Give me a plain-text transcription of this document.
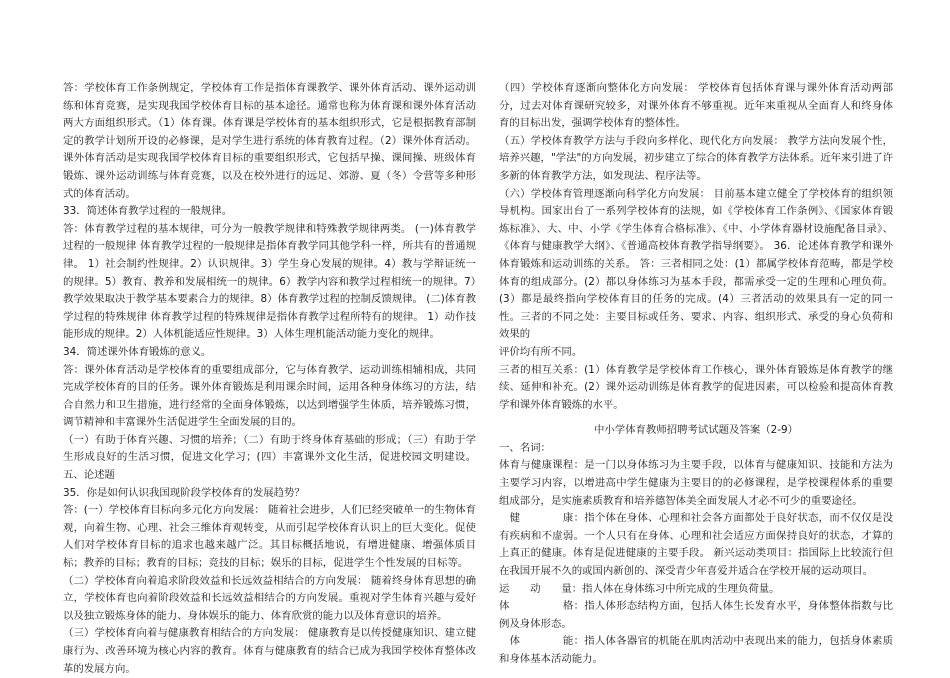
答：学校体育工作条例规定，学校体育工作是指体育课教学、课外体育活动、课外运动训练和体育竞赛，是实现我国学校体育目标的基本途径。通常也称为体育课和课外体育活动两大方面组织形式。（1）体育课。体育课是学校体育的基本组织形式，它是根据教育部制定的教学计划所开设的必修课，是对学生进行系统的体育教育过程。（2）课外体育活动。课外体育活动是实现我国学校体育目标的重要组织形式，它包括早操、课间操、班级体育锻炼、课外运动训练与体育竞赛，以及在校外进行的远足、郊游、夏（冬）令营等多种形式的体育活动。

33．简述体育教学过程的一般规律。

答：体育教学过程的基本规律，可分为一般教学规律和特殊教学规律两类。 (一)体育教学过程的一般规律 体育教学过程的一般规律是指体育教学同其他学科一样，所共有的普通规律。 1）社会制约性规律。2）认识规律。3）学生身心发展的规律。4）教与学辩证统一的规律。5）教育、教养和发展相统一的规律。6）教学内容和教学过程相统一的规律。7）教学效果取决于教学基本要素合力的规律。8）体育教学过程的控制反馈规律。 (二)体育教学过程的特殊规律 体育教学过程的特殊规律是指体育教学过程所特有的规律。 1）动作技能形成的规律。2）人体机能适应性规律。3）人体生理机能活动能力变化的规律。

34．简述课外体育锻炼的意义。

答：课外体育活动是学校体育的重要组成部分，它与体育教学、运动训练相辅相成，共同完成学校体育的目的任务。课外体育锻炼是利用课余时间，运用各种身体练习的方法，结合自然力和卫生措施，进行经常的全面身体锻炼，以达到增强学生体质，培养锻炼习惯，调节精神和丰富课外生活促进学生全面发展的目的。

（一）有助于体育兴趣、习惯的培养；（二）有助于终身体育基础的形成；（三）有助于学生形成良好的生活习惯，促进文化学习；(四）丰富课外文化生活，促进校园文明建设。 五、论述题

35．你是如何认识我国现阶段学校体育的发展趋势？

答：(一）学校体育目标向多元化方向发展： 随着社会进步，人们已经突破单一的生物体育观，向着生物、心理、社会三维体育观转变，从而引起学校体育认识上的巨大变化。促使人们对学校体育目标的追求也越来越广泛。其目标概括地说，有增进健康、增强体质目标；教养的目标；教育的目标；竞技的目标；娱乐的目标，促进学生个性发展的目标等。

（二）学校体育向着追求阶段效益和长远效益相结合的方向发展： 随着终身体育思想的确立，学校体育也向着阶段效益和长远效益相结合的方向发展。重视对学生体育兴趣与爱好以及独立锻炼身体的能力、身体娱乐的能力、体育欣赏的能力以及体育意识的培养。

（三）学校体育向着与健康教育相结合的方向发展： 健康教育是以传授健康知识、建立健康行为、改善环境为核心内容的教育。体育与健康教育的结合已成为我国学校体育整体改革的发展方向。

（四）学校体育逐渐向整体化方向发展： 学校体育包括体育课与课外体育活动两部分，过去对体育课研究较多，对课外体育不够重视。近年来重视从全面育人和终身体育的目标出发，强调学校体育的整体性。

（五）学校体育教学方法与手段向多样化、现代化方向发展： 教学方法向发展个性，培养兴趣，"学法"的方向发展，初步建立了综合的体育教学方法体系。近年来引进了许多新的体育教学方法，如发现法、程序法等。

（六）学校体育管理逐渐向科学化方向发展： 目前基本建立健全了学校体育的组织领导机构。国家出台了一系列学校体育的法规，如《学校体育工作条例》、《国家体育锻炼标准》、大、中、小学《学生体育合格标准》、《中、小学体育器材设施配备目录》、《体育与健康教学大纲》、《普通高校体育教学指导纲要》。 36．论述体育教学和课外体育锻炼和运动训练的关系。 答：三者相同之处：(1）都属学校体育范畴，都是学校体育的组成部分。(2）都以身体练习为基本手段，都需承受一定的生理和心理负荷。(3）都是最终指向学校体育目的任务的完成。(4）三者活动的效果具有一定的同一性。三者的不同之处：主要目标或任务、要求、内容、组织形式、承受的身心负荷和效果的

评价均有所不同。

三者的相互关系：(1）体育教学是学校体育工作核心，课外体育锻炼是体育教学的继续、延伸和补充。(2）课外运动训练是体育教学的促进因素，可以检验和提高体育教学和课外体育锻炼的水平。

中小学体育教师招聘考试试题及答案（2-9）

一、名词：

体育与健康课程：是一门以身体练习为主要手段，以体育与健康知识、技能和方法为主要学习内容，以增进高中学生健康为主要目的的必修课程，是学校课程体系的重要组成部分，是实施素质教育和培养德智体美全面发展人才必不可少的重要途径。

　健　　　　康：指个体在身体、心理和社会各方面都处于良好状态，而不仅仅是没有疾病和不虚弱。一个人只有在身体、心理和社会适应方面保持良好的状态，才算的上真正的健康。体育是促进健康的主要手段。 新兴运动类项目：指国际上比较流行但在我国开展不久的或国内新创的、深受青少年喜爱并适合在学校开展的运动项目。

运　　动　　量：指人体在身体练习中所完成的生理负荷量。

体　　　　　格：指人体形态结构方面，包括人体生长发育水平，身体整体指数与比例及身体形态。

　体　　　　能：指人体各器官的机能在肌肉活动中表现出来的能力，包括身体素质和身体基本活动能力。
